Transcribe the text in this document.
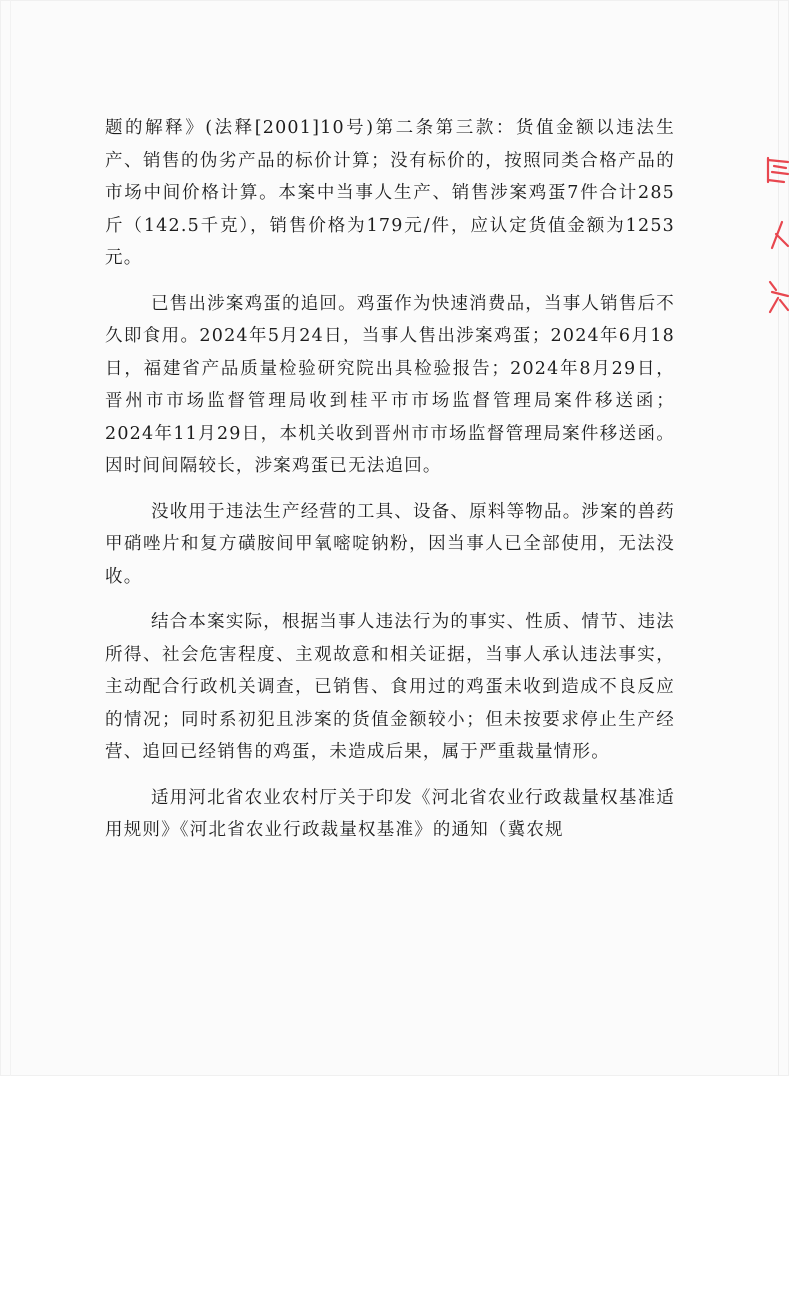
题的解释》(法释[2001]10号)第二条第三款：货值金额以违法生产、销售的伪劣产品的标价计算；没有标价的，按照同类合格产品的市场中间价格计算。本案中当事人生产、销售涉案鸡蛋7件合计285斤（142.5千克），销售价格为179元/件，应认定货值金额为1253元。

已售出涉案鸡蛋的追回。鸡蛋作为快速消费品，当事人销售后不久即食用。2024年5月24日，当事人售出涉案鸡蛋；2024年6月18日，福建省产品质量检验研究院出具检验报告；2024年8月29日，晋州市市场监督管理局收到桂平市市场监督管理局案件移送函；2024年11月29日，本机关收到晋州市市场监督管理局案件移送函。因时间间隔较长，涉案鸡蛋已无法追回。

没收用于违法生产经营的工具、设备、原料等物品。涉案的兽药甲硝唑片和复方磺胺间甲氧嘧啶钠粉，因当事人已全部使用，无法没收。

结合本案实际，根据当事人违法行为的事实、性质、情节、违法所得、社会危害程度、主观故意和相关证据，当事人承认违法事实，主动配合行政机关调查，已销售、食用过的鸡蛋未收到造成不良反应的情况；同时系初犯且涉案的货值金额较小；但未按要求停止生产经营、追回已经销售的鸡蛋，未造成后果，属于严重裁量情形。

适用河北省农业农村厅关于印发《河北省农业行政裁量权基准适用规则》《河北省农业行政裁量权基准》的通知（冀农规
